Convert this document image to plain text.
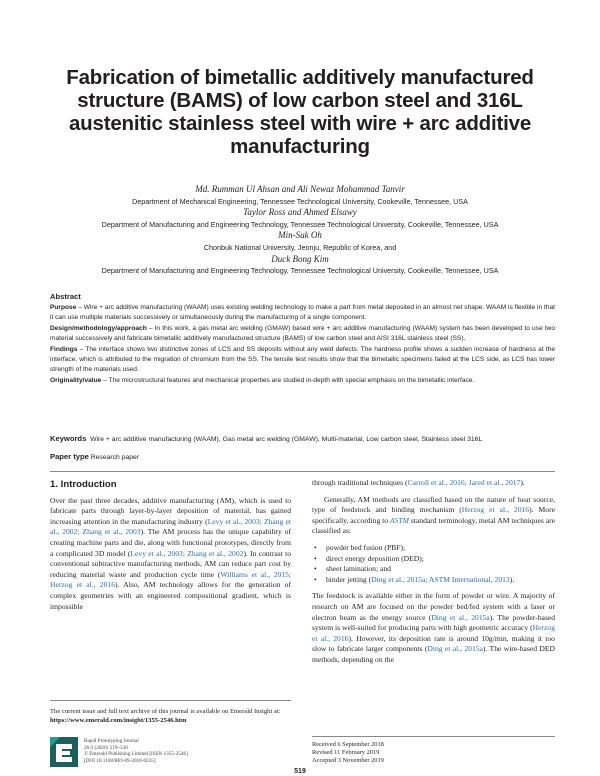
Fabrication of bimetallic additively manufactured structure (BAMS) of low carbon steel and 316L austenitic stainless steel with wire + arc additive manufacturing
Md. Rumman Ul Ahsan and Ali Newaz Mohammad Tanvir
Department of Mechanical Engineering, Tennessee Technological University, Cookeville, Tennessee, USA
Taylor Ross and Ahmed Elsawy
Department of Manufacturing and Engineering Technology, Tennessee Technological University, Cookeville, Tennessee, USA
Min-Suk Oh
Chonbuk National University, Jeonju, Republic of Korea, and
Duck Bong Kim
Department of Manufacturing and Engineering Technology, Tennessee Technological University, Cookeville, Tennessee, USA
Abstract

Purpose – Wire + arc additive manufacturing (WAAM) uses existing welding technology to make a part from metal deposited in an almost net shape. WAAM is flexible in that it can use multiple materials successively or simultaneously during the manufacturing of a single component.

Design/methodology/approach – In this work, a gas metal arc welding (GMAW) based wire + arc additive manufacturing (WAAM) system has been developed to use two material successively and fabricate bimetallic additively manufactured structure (BAMS) of low carbon steel and AISI 316L stainless steel (SS).

Findings – The interface shows two distinctive zones of LCS and SS deposits without any weld defects. The hardness profile shows a sudden increase of hardness at the interface, which is attributed to the migration of chromium from the SS. The tensile test results show that the bimetallic specimens failed at the LCS side, as LCS has lower strength of the materials used.

Originality/value – The microstructural features and mechanical properties are studied in-depth with special emphasis on the bimetallic interface.

Keywords Wire + arc additive manufacturing (WAAM), Gas metal arc welding (GMAW), Multi-material, Low carbon steel, Stainless steel 316L
Paper type Research paper
1. Introduction

Over the past three decades, additive manufacturing (AM), which is used to fabricate parts through layer-by-layer deposition of material, has gained increasing attention in the manufacturing industry (Levy et al., 2003; Zhang et al., 2002; Zhang et al., 2003). The AM process has the unique capability of creating machine parts and die, along with functional prototypes, directly from a complicated 3D model (Levy et al., 2003; Zhang et al., 2002). In contrast to conventional subtractive manufacturing methods, AM can reduce part cost by reducing material waste and production cycle time (Williams et al., 2015; Herzog et al., 2016). Also, AM technology allows for the generation of complex geometries with an engineered compositional gradient, which is impossible

through traditional techniques (Carroll et al., 2016; Jared et al., 2017).

Generally, AM methods are classified based on the nature of heat source, type of feedstock and binding mechanism (Herzog et al., 2016). More specifically, according to ASTM standard terminology, metal AM techniques are classified as:

• powder bed fusion (PBF);
• direct energy deposition (DED);
• sheet lamination; and
• binder jetting (Ding et al., 2015a; ASTM International, 2013).

The feedstock is available either in the form of powder or wire. A majority of research on AM are focused on the powder bed/fed system with a laser or electron beam as the energy source (Ding et al., 2015a). The powder-based system is well-suited for producing parts with high geometric accuracy (Herzog et al., 2016). However, its deposition rate is around 10g/min, making it too slow to fabricate larger components (Ding et al., 2015a). The wire-based DED methods, depending on the

The current issue and full text archive of this journal is available on Emerald Insight at: https://www.emerald.com/insight/1355-2546.htm
Rapid Prototyping Journal
26/3 (2020) 519–530
© Emerald Publishing Limited [ISSN 1355-2546]
[DOI 10.1108/RPJ-09-2018-0235]
Received 6 September 2018
Revised 11 February 2019
Accepted 3 November 2019
519
